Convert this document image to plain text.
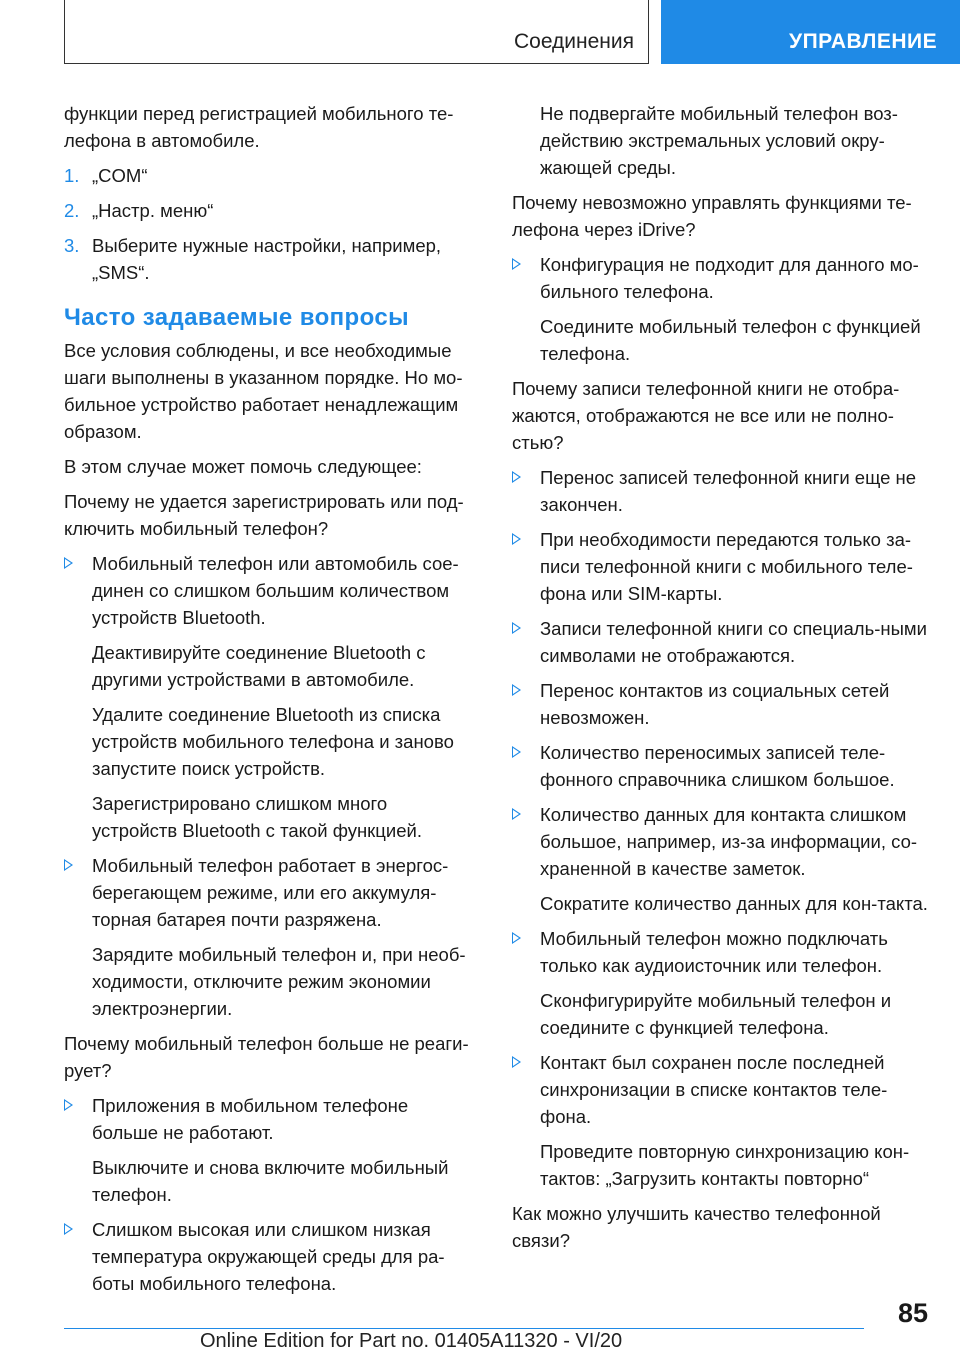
Соединения	УПРАВЛЕНИЕ

функции перед регистрацией мобильного те-лефона в автомобиле.

1. „COM“
2. „Настр. меню“
3. Выберите нужные настройки, например, „SMS“.
Часто задаваемые вопросы

Все условия соблюдены, и все необходимые шаги выполнены в указанном порядке. Но мо-бильное устройство работает ненадлежащим образом.

В этом случае может помочь следующее:

Почему не удается зарегистрировать или под-ключить мобильный телефон?

Мобильный телефон или автомобиль сое-динен со слишком большим количеством устройств Bluetooth.

Деактивируйте соединение Bluetooth с другими устройствами в автомобиле.

Удалите соединение Bluetooth из списка устройств мобильного телефона и заново запустите поиск устройств.

Зарегистрировано слишком много устройств Bluetooth с такой функцией.

Мобильный телефон работает в энергос-берегающем режиме, или его аккумуля-торная батарея почти разряжена.

Зарядите мобильный телефон и, при необ-ходимости, отключите режим экономии электроэнергии.

Почему мобильный телефон больше не реаги-рует?

Приложения в мобильном телефоне больше не работают.

Выключите и снова включите мобильный телефон.

Слишком высокая или слишком низкая температура окружающей среды для ра-боты мобильного телефона.

Не подвергайте мобильный телефон воз-действию экстремальных условий окру-жающей среды.

Почему невозможно управлять функциями те-лефона через iDrive?

Конфигурация не подходит для данного мо-бильного телефона.

Соедините мобильный телефон с функцией телефона.

Почему записи телефонной книги не отобра-жаются, отображаются не все или не полно-стью?

Перенос записей телефонной книги еще не закончен.
При необходимости передаются только за-писи телефонной книги с мобильного теле-фона или SIM-карты.
Записи телефонной книги со специаль-ными символами не отображаются.
Перенос контактов из социальных сетей невозможен.
Количество переносимых записей теле-фонного справочника слишком большое.
Количество данных для контакта слишком большое, например, из-за информации, со-храненной в качестве заметок.

Сократите количество данных для кон-такта.

Мобильный телефон можно подключать только как аудиоисточник или телефон.

Сконфигурируйте мобильный телефон и соедините с функцией телефона.

Контакт был сохранен после последней синхронизации в списке контактов теле-фона.

Проведите повторную синхронизацию кон-тактов: „Загрузить контакты повторно“

Как можно улучшить качество телефонной связи?

85
Online Edition for Part no. 01405A11320 - VI/20
